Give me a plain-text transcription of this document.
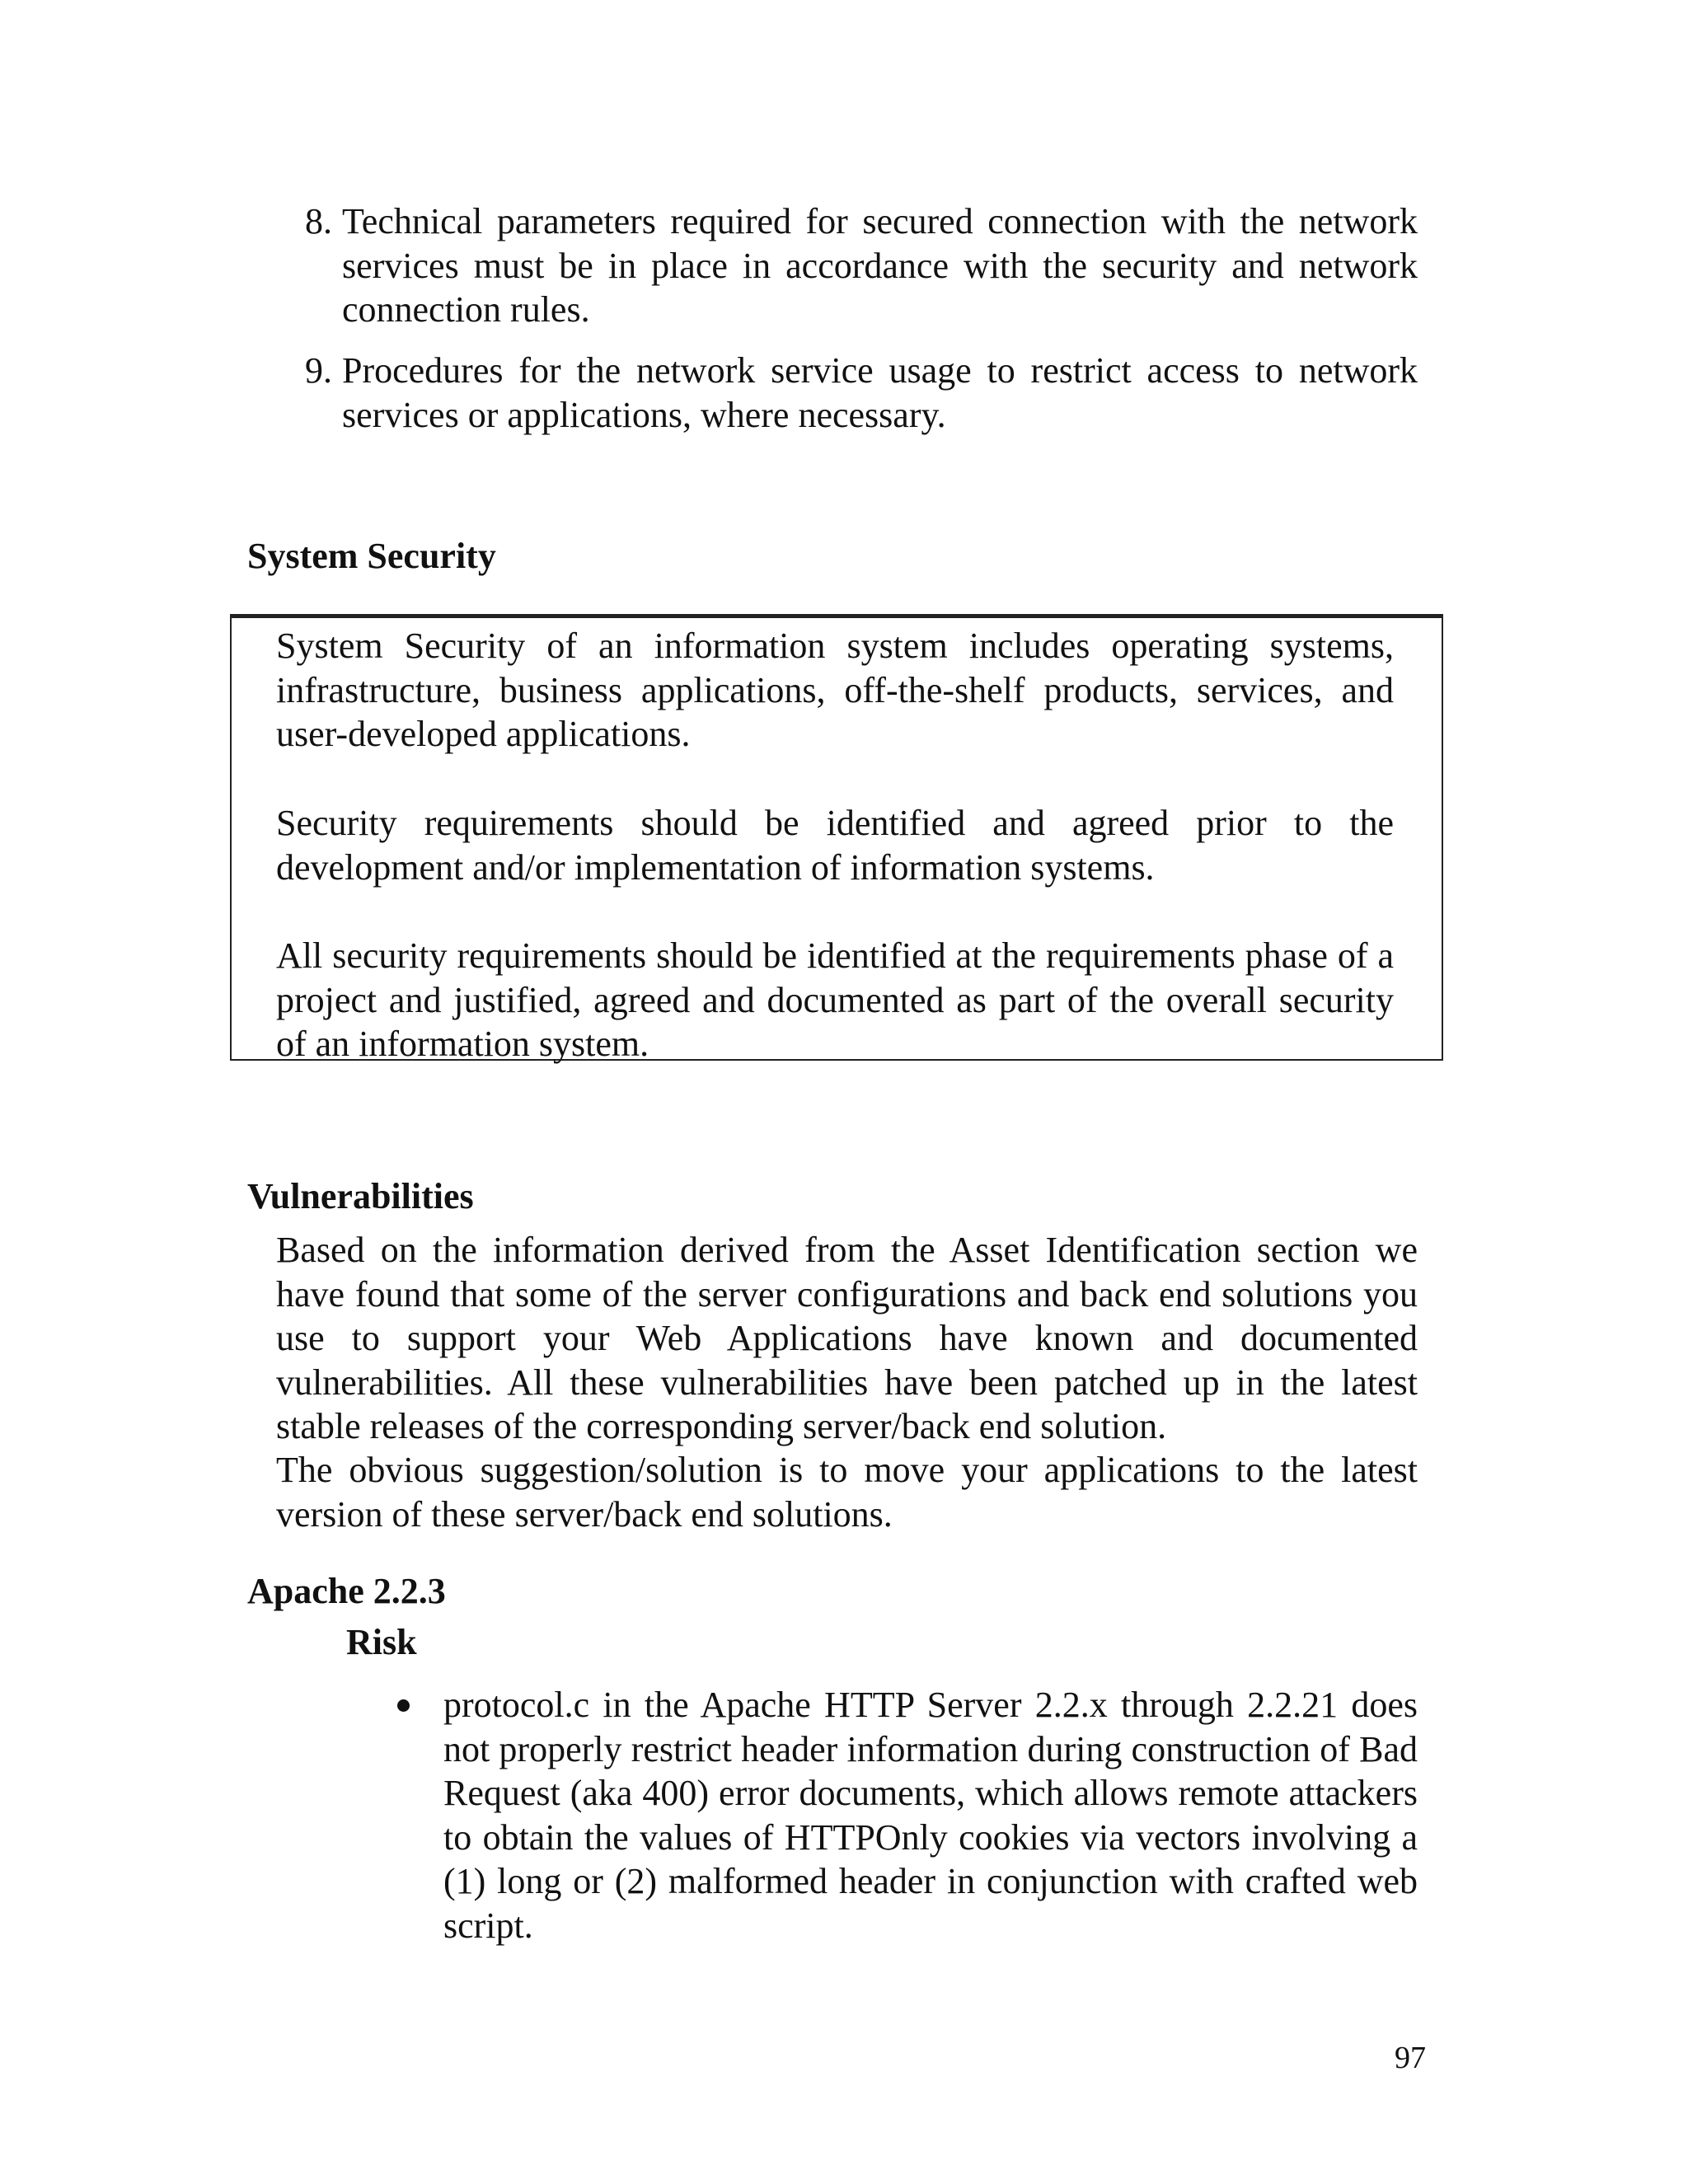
8. Technical parameters required for secured connection with the network services must be in place in accordance with the security and network connection rules.
9. Procedures for the network service usage to restrict access to network services or applications, where necessary.
System Security
System Security of an information system includes operating systems, infrastructure, business applications, off-the-shelf products, services, and user-developed applications.
Security requirements should be identified and agreed prior to the development and/or implementation of information systems.
All security requirements should be identified at the requirements phase of a project and justified, agreed and documented as part of the overall security of an information system.
Vulnerabilities
Based on the information derived from the Asset Identification section we have found that some of the server configurations and back end solutions you use to support your Web Applications have known and documented vulnerabilities. All these vulnerabilities have been patched up in the latest stable releases of the corresponding server/back end solution.
The obvious suggestion/solution is to move your applications to the latest version of these server/back end solutions.
Apache 2.2.3
Risk
protocol.c in the Apache HTTP Server 2.2.x through 2.2.21 does not properly restrict header information during construction of Bad Request (aka 400) error documents, which allows remote attackers to obtain the values of HTTPOnly cookies via vectors involving a (1) long or (2) malformed header in conjunction with crafted web script.
97
